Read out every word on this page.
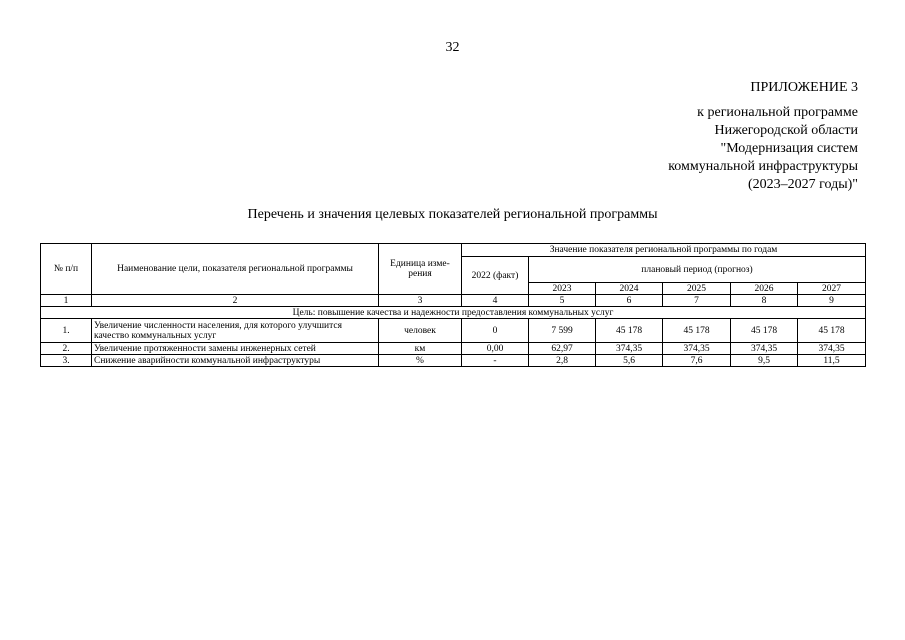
32
ПРИЛОЖЕНИЕ 3
к региональной программе
Нижегородской области
"Модернизация систем
коммунальной инфраструктуры
(2023–2027 годы)"
Перечень и значения целевых показателей региональной программы
№ п/п	Наименование цели, показателя региональной программы	Единица изме-рения	Значение показателя региональной программы по годам					
			2022 (факт)	плановый период (прогноз)				
				2023	2024	2025	2026	2027
1	2	3	4	5	6	7	8	9
Цель: повышение качества и надежности предоставления коммунальных услуг								
1.	Увеличение численности населения, для которого улучшится качество коммунальных услуг	человек	0	7 599	45 178	45 178	45 178	45 178
2.	Увеличение протяженности замены инженерных сетей	км	0,00	62,97	374,35	374,35	374,35	374,35
3.	Снижение аварийности коммунальной инфраструктуры	%	-	2,8	5,6	7,6	9,5	11,5
